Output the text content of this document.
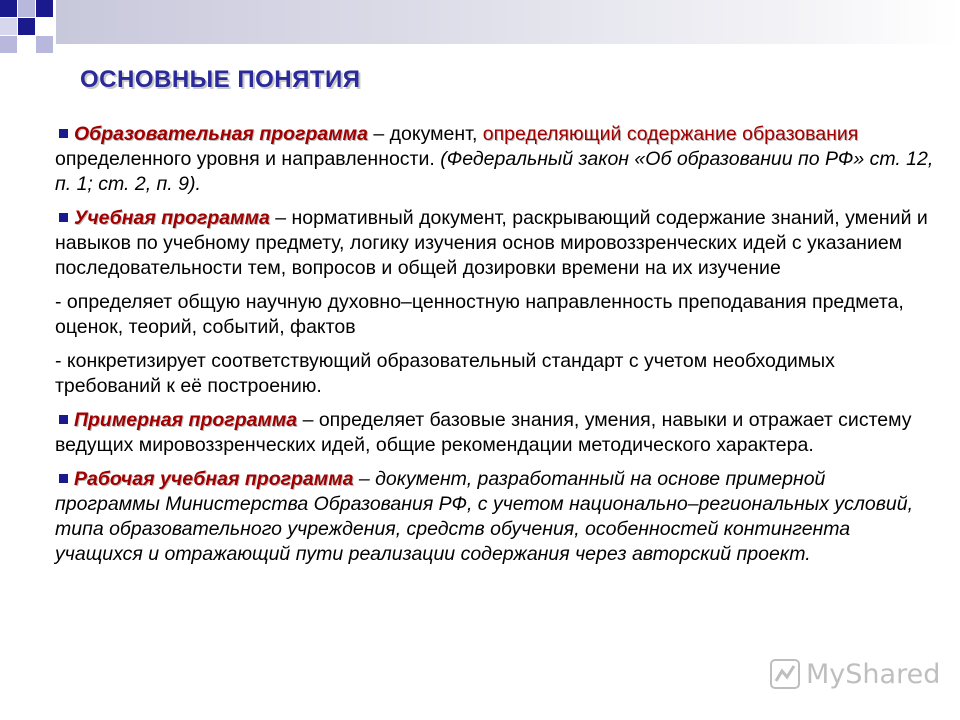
ОСНОВНЫЕ ПОНЯТИЯ

Образовательная программа – документ, определяющий содержание образования определенного уровня и направленности. (Федеральный закон «Об образовании по РФ» ст. 12, п. 1; ст. 2, п. 9).

Учебная программа – нормативный документ, раскрывающий содержание знаний, умений и навыков по учебному предмету, логику изучения основ мировоззренческих идей с указанием последовательности тем, вопросов и общей дозировки времени на их изучение

- определяет общую научную духовно–ценностную направленность преподавания предмета, оценок, теорий, событий, фактов

- конкретизирует соответствующий образовательный стандарт с учетом необходимых требований к её построению.

Примерная программа – определяет базовые знания, умения, навыки и отражает систему ведущих мировоззренческих идей, общие рекомендации методического характера.

Рабочая учебная программа – документ, разработанный на основе примерной программы Министерства Образования РФ, с учетом национально–региональных условий, типа образовательного учреждения, средств обучения, особенностей контингента учащихся и отражающий пути реализации содержания через авторский проект.

MyShared
